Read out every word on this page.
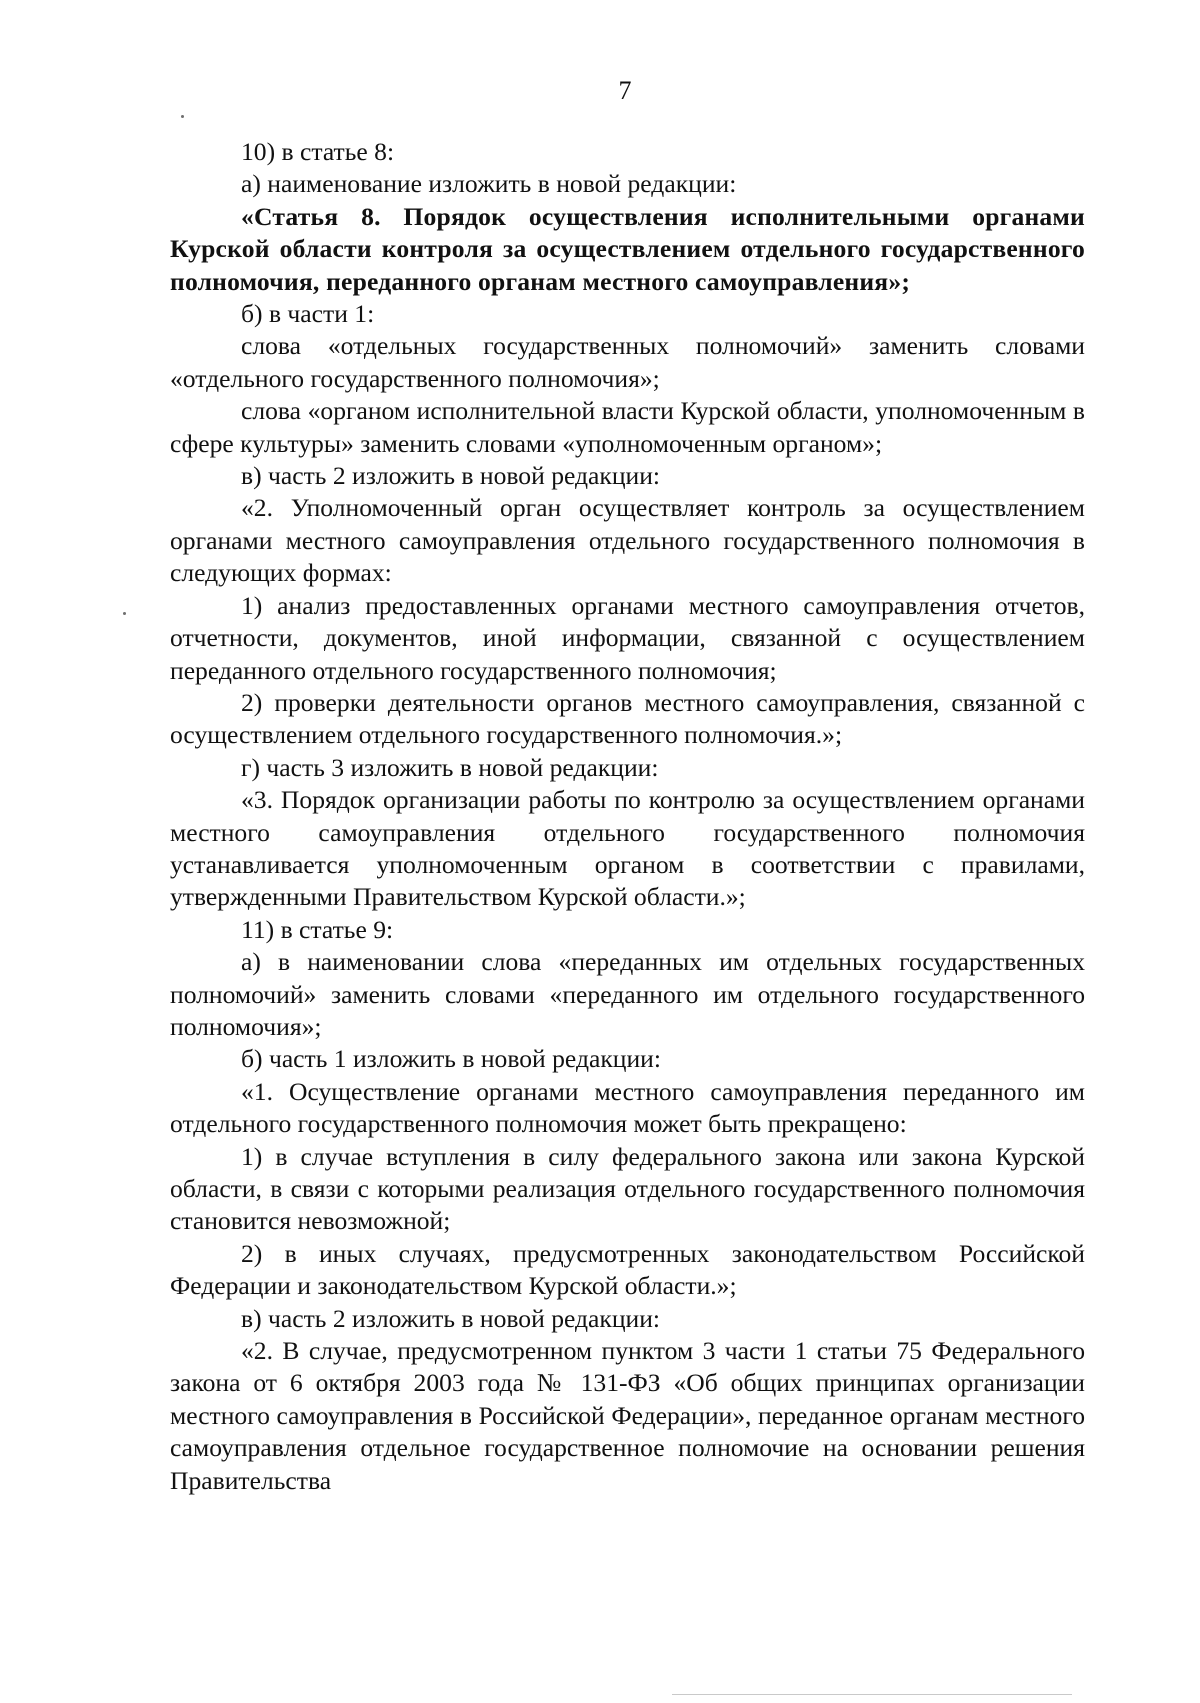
7

10) в статье 8:

а) наименование изложить в новой редакции:

«Статья 8. Порядок осуществления исполнительными органами Курской области контроля за осуществлением отдельного государственного полномочия, переданного органам местного самоуправления»;

б) в части 1:

слова «отдельных государственных полномочий» заменить словами «отдельного государственного полномочия»;

слова «органом исполнительной власти Курской области, уполномоченным в сфере культуры» заменить словами «уполномоченным органом»;

в) часть 2 изложить в новой редакции:

«2. Уполномоченный орган осуществляет контроль за осуществлением органами местного самоуправления отдельного государственного полномочия в следующих формах:

1) анализ предоставленных органами местного самоуправления отчетов, отчетности, документов, иной информации, связанной с осуществлением переданного отдельного государственного полномочия;

2) проверки деятельности органов местного самоуправления, связанной с осуществлением отдельного государственного полномочия.»;

г) часть 3 изложить в новой редакции:

«3. Порядок организации работы по контролю за осуществлением органами местного самоуправления отдельного государственного полномочия устанавливается уполномоченным органом в соответствии с правилами, утвержденными Правительством Курской области.»;

11) в статье 9:

а) в наименовании слова «переданных им отдельных государственных полномочий» заменить словами «переданного им отдельного государственного полномочия»;

б) часть 1 изложить в новой редакции:

«1. Осуществление органами местного самоуправления переданного им отдельного государственного полномочия может быть прекращено:

1) в случае вступления в силу федерального закона или закона Курской области, в связи с которыми реализация отдельного государственного полномочия становится невозможной;

2) в иных случаях, предусмотренных законодательством Российской Федерации и законодательством Курской области.»;

в) часть 2 изложить в новой редакции:

«2. В случае, предусмотренном пунктом 3 части 1 статьи 75 Федерального закона от 6 октября 2003 года № 131-ФЗ «Об общих принципах организации местного самоуправления в Российской Федерации», переданное органам местного самоуправления отдельное государственное полномочие на основании решения Правительства
